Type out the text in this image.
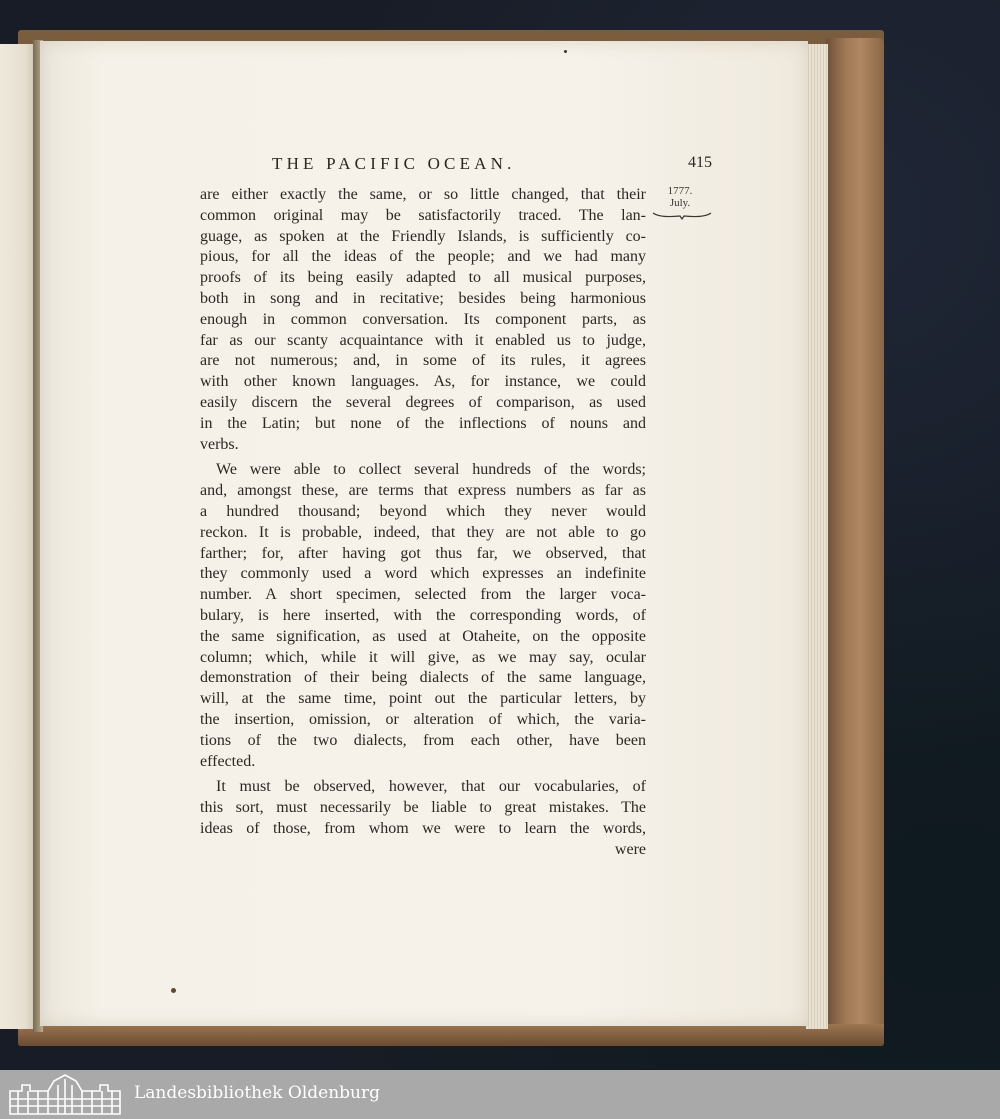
THE PACIFIC OCEAN.	415

1777.
July.
are either exactly the same, or so little changed, that their
common original may be satisfactorily traced. The lan-
guage, as spoken at the Friendly Islands, is sufficiently co-
pious, for all the ideas of the people; and we had many
proofs of its being easily adapted to all musical purposes,
both in song and in recitative; besides being harmonious
enough in common conversation. Its component parts, as
far as our scanty acquaintance with it enabled us to judge,
are not numerous; and, in some of its rules, it agrees
with other known languages. As, for instance, we could
easily discern the several degrees of comparison, as used
in the Latin; but none of the inflections of nouns and
verbs.
We were able to collect several hundreds of the words;
and, amongst these, are terms that express numbers as far as
a hundred thousand; beyond which they never would
reckon. It is probable, indeed, that they are not able to go
farther; for, after having got thus far, we observed, that
they commonly used a word which expresses an indefinite
number. A short specimen, selected from the larger voca-
bulary, is here inserted, with the corresponding words, of
the same signification, as used at Otaheite, on the opposite
column; which, while it will give, as we may say, ocular
demonstration of their being dialects of the same language,
will, at the same time, point out the particular letters, by
the insertion, omission, or alteration of which, the varia-
tions of the two dialects, from each other, have been
effected.
It must be observed, however, that our vocabularies, of
this sort, must necessarily be liable to great mistakes. The
ideas of those, from whom we were to learn the words,
were

Landesbibliothek Oldenburg
